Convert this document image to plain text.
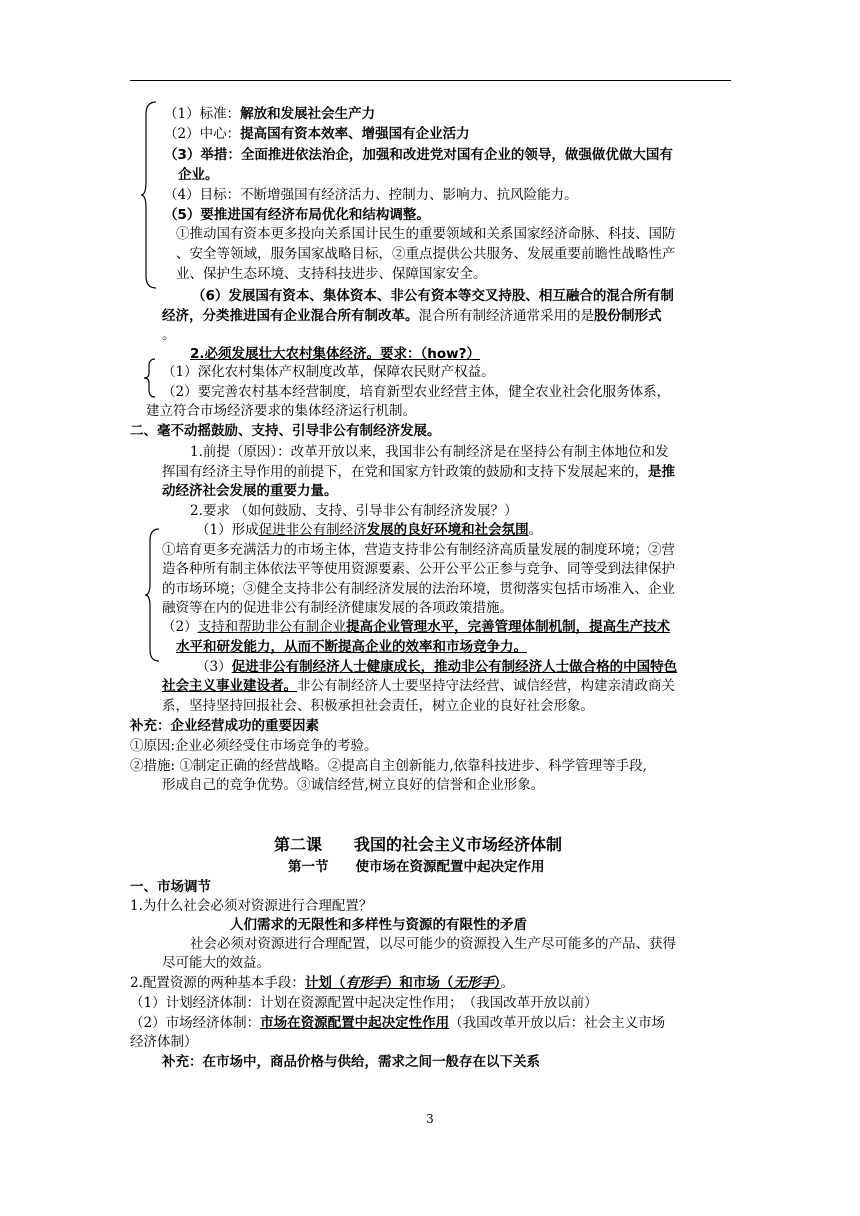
（1）标准：解放和发展社会生产力
（2）中心：提高国有资本效率、增强国有企业活力
（3）举措：全面推进依法治企，加强和改进党对国有企业的领导，做强做优做大国有
企业。
（4）目标：不断增强国有经济活力、控制力、影响力、抗风险能力。
（5）要推进国有经济布局优化和结构调整。
①推动国有资本更多投向关系国计民生的重要领域和关系国家经济命脉、科技、国防
、安全等领域，服务国家战略目标，②重点提供公共服务、发展重要前瞻性战略性产
业、保护生态环境、支持科技进步、保障国家安全。
（6）发展国有资本、集体资本、非公有资本等交叉持股、相互融合的混合所有制
经济，分类推进国有企业混合所有制改革。混合所有制经济通常采用的是股份制形式
。
2.必须发展壮大农村集体经济。要求：（how?）
（1）深化农村集体产权制度改革，保障农民财产权益。
（2）要完善农村基本经营制度，培育新型农业经营主体，健全农业社会化服务体系，
建立符合市场经济要求的集体经济运行机制。
二、毫不动摇鼓励、支持、引导非公有制经济发展。
1.前提（原因）：改革开放以来，我国非公有制经济是在坚持公有制主体地位和发
挥国有经济主导作用的前提下，在党和国家方针政策的鼓励和支持下发展起来的，是推
动经济社会发展的重要力量。
2.要求 （如何鼓励、支持、引导非公有制经济发展？）
（1）形成促进非公有制经济发展的良好环境和社会氛围。
①培育更多充满活力的市场主体，营造支持非公有制经济高质量发展的制度环境；②营
造各种所有制主体依法平等使用资源要素、公开公平公正参与竞争、同等受到法律保护
的市场环境；③健全支持非公有制经济发展的法治环境，贯彻落实包括市场准入、企业
融资等在内的促进非公有制经济健康发展的各项政策措施。
（2）支持和帮助非公有制企业提高企业管理水平，完善管理体制机制，提高生产技术
水平和研发能力，从而不断提高企业的效率和市场竞争力。
（3）促进非公有制经济人士健康成长，推动非公有制经济人士做合格的中国特色
社会主义事业建设者。非公有制经济人士要坚持守法经营、诚信经营，构建亲清政商关
系，坚持坚持回报社会、积极承担社会责任，树立企业的良好社会形象。
补充：企业经营成功的重要因素
①原因:企业必须经受住市场竞争的考验。
②措施: ①制定正确的经营战略。②提高自主创新能力,依靠科技进步、科学管理等手段,
形成自己的竞争优势。③诚信经营,树立良好的信誉和企业形象。
第二课　　我国的社会主义市场经济体制
第一节　　使市场在资源配置中起决定作用
一、市场调节
1.为什么社会必须对资源进行合理配置？
人们需求的无限性和多样性与资源的有限性的矛盾
社会必须对资源进行合理配置，以尽可能少的资源投入生产尽可能多的产品、获得
尽可能大的效益。
2.配置资源的两种基本手段：计划（有形手）和市场（无形手）。
（1）计划经济体制：计划在资源配置中起决定性作用；　（我国改革开放以前）
（2）市场经济体制：市场在资源配置中起决定性作用（我国改革开放以后：社会主义市场
经济体制）
补充：在市场中，商品价格与供给，需求之间一般存在以下关系
3
